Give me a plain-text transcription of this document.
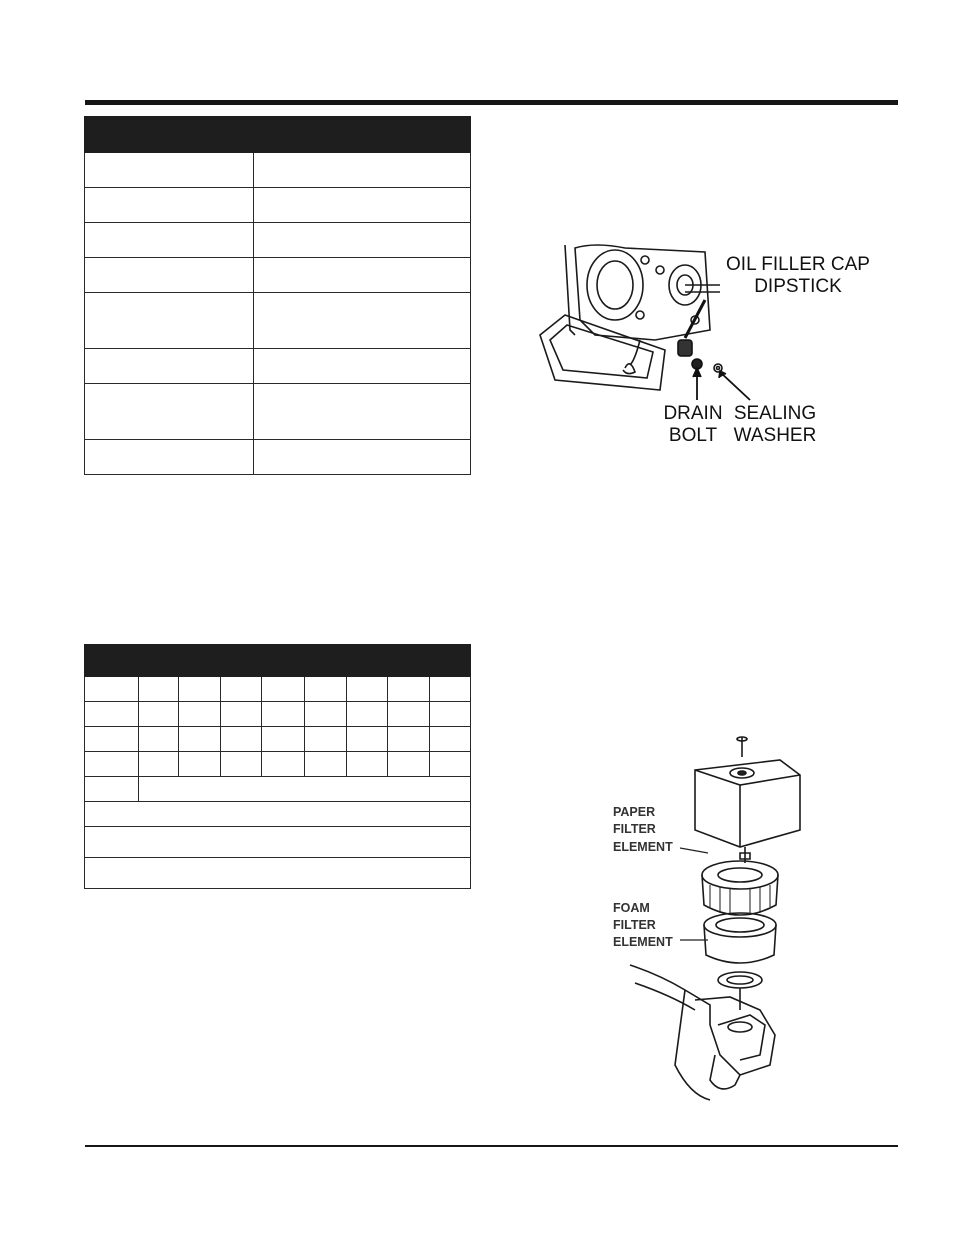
OIL FILLER CAP
DIPSTICK
DRAIN
BOLT
SEALING
WASHER
PAPER
FILTER
ELEMENT
FOAM
FILTER
ELEMENT
